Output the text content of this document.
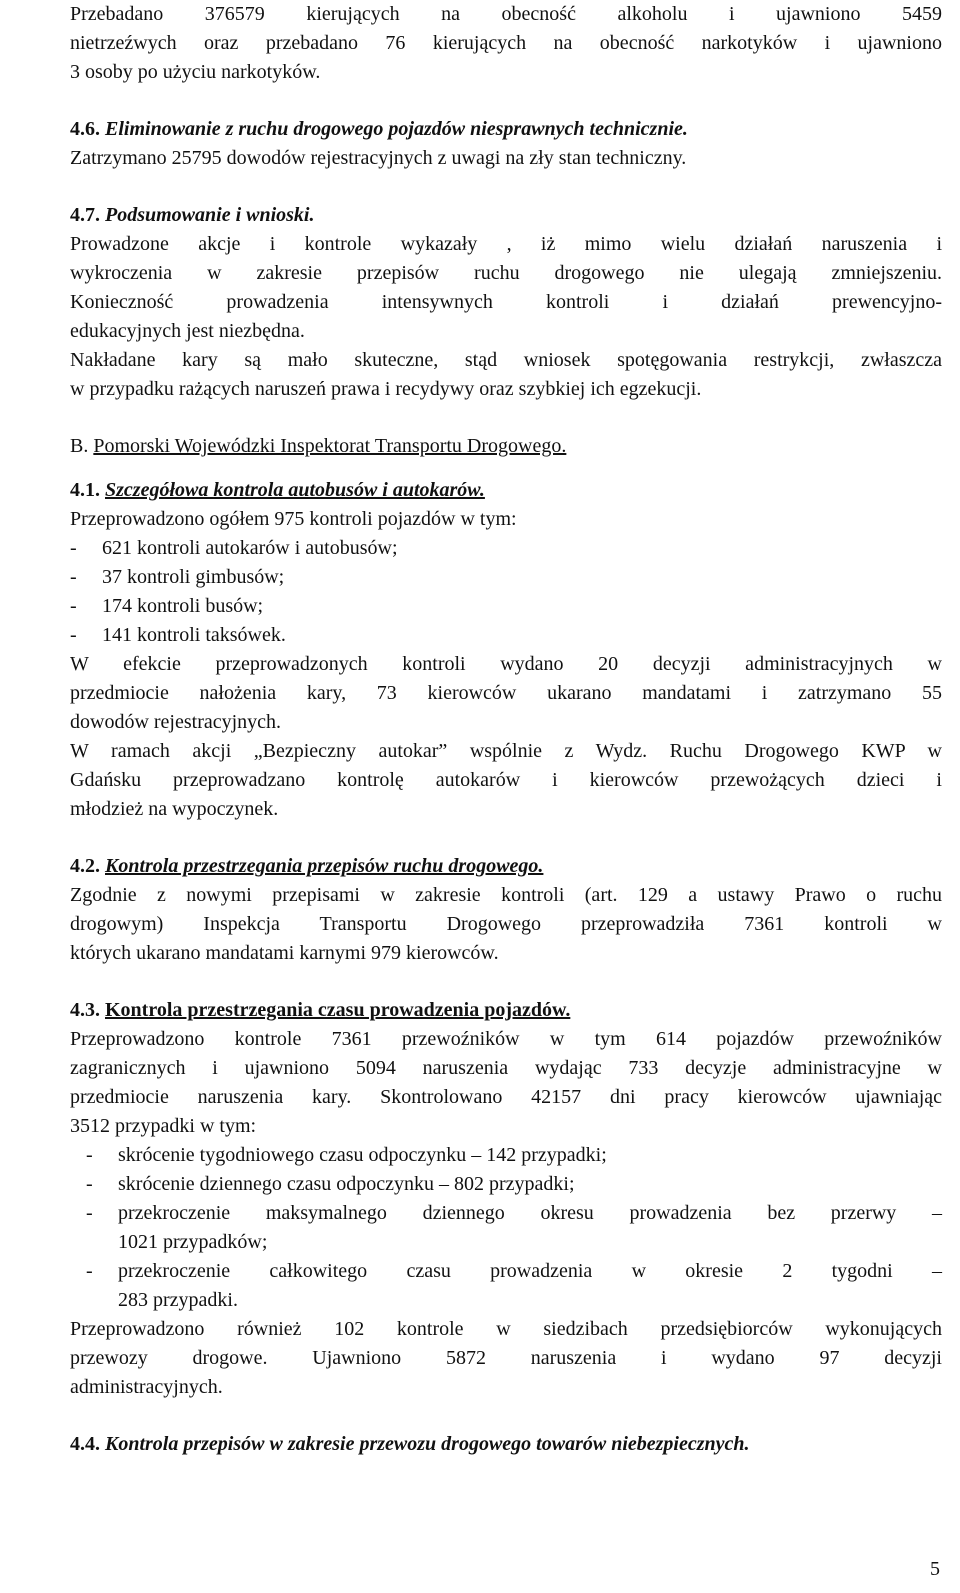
Przebadano 376579 kierujących na obecność alkoholu i ujawniono 5459
nietrzeźwych oraz przebadano 76 kierujących na obecność narkotyków i ujawniono
3 osoby po użyciu narkotyków.
4.6. Eliminowanie z ruchu drogowego pojazdów niesprawnych technicznie.
Zatrzymano 25795 dowodów rejestracyjnych z uwagi na zły stan techniczny.
4.7. Podsumowanie i wnioski.
Prowadzone akcje i kontrole wykazały , iż mimo wielu działań naruszenia i
wykroczenia w zakresie przepisów ruchu drogowego nie ulegają zmniejszeniu.
Konieczność prowadzenia intensywnych kontroli i działań prewencyjno-
edukacyjnych jest niezbędna.
Nakładane kary są mało skuteczne, stąd wniosek spotęgowania restrykcji, zwłaszcza
w przypadku rażących naruszeń prawa i recydywy oraz szybkiej ich egzekucji.
B. Pomorski Wojewódzki Inspektorat Transportu Drogowego.
4.1. Szczegółowa kontrola autobusów i autokarów.
Przeprowadzono ogółem 975 kontroli pojazdów w tym:
- 621 kontroli autokarów i autobusów;
- 37 kontroli gimbusów;
- 174 kontroli busów;
- 141 kontroli taksówek.
W efekcie przeprowadzonych kontroli wydano 20 decyzji administracyjnych w
przedmiocie nałożenia kary, 73 kierowców ukarano mandatami i zatrzymano 55
dowodów rejestracyjnych.
W ramach akcji „Bezpieczny autokar” wspólnie z Wydz. Ruchu Drogowego KWP w
Gdańsku przeprowadzano kontrolę autokarów i kierowców przewożących dzieci i
młodzież na wypoczynek.
4.2. Kontrola przestrzegania przepisów ruchu drogowego.
Zgodnie z nowymi przepisami w zakresie kontroli (art. 129 a ustawy Prawo o ruchu
drogowym) Inspekcja Transportu Drogowego przeprowadziła 7361 kontroli w
których ukarano mandatami karnymi 979 kierowców.
4.3. Kontrola przestrzegania czasu prowadzenia pojazdów.
Przeprowadzono kontrole 7361 przewoźników w tym 614 pojazdów przewoźników
zagranicznych i ujawniono 5094 naruszenia wydając 733 decyzje administracyjne w
przedmiocie naruszenia kary. Skontrolowano 42157 dni pracy kierowców ujawniając
3512 przypadki w tym:
- skrócenie tygodniowego czasu odpoczynku – 142 przypadki;
- skrócenie dziennego czasu odpoczynku – 802 przypadki;
- przekroczenie maksymalnego dziennego okresu prowadzenia bez przerwy –
1021 przypadków;
- przekroczenie całkowitego czasu prowadzenia w okresie 2 tygodni –
283 przypadki.
Przeprowadzono również 102 kontrole w siedzibach przedsiębiorców wykonujących
przewozy drogowe. Ujawniono 5872 naruszenia i wydano 97 decyzji
administracyjnych.
4.4. Kontrola przepisów w zakresie przewozu drogowego towarów niebezpiecznych.
5
